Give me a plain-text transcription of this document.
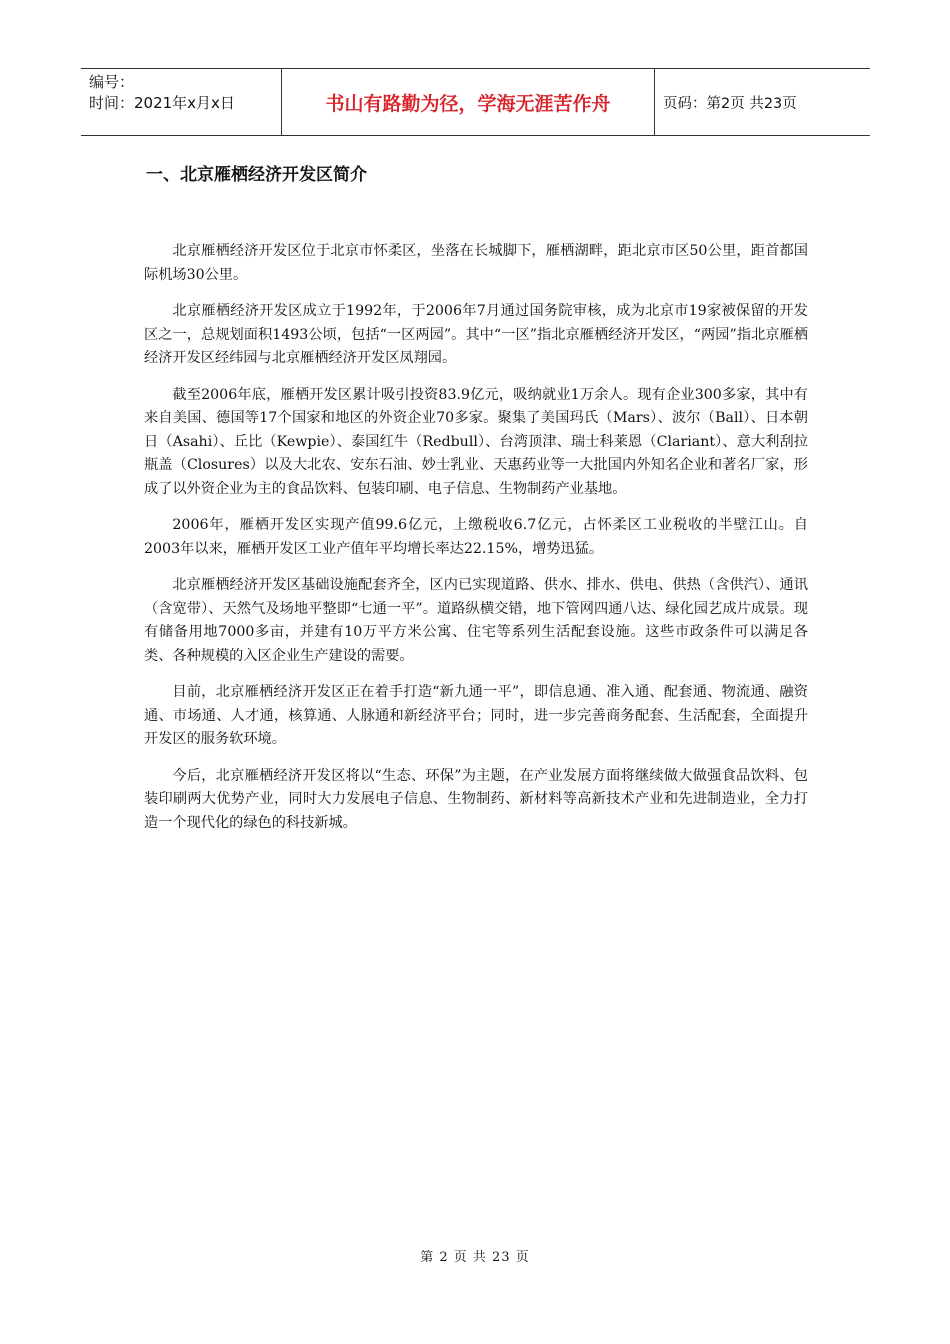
编号：
时间：2021年x月x日	书山有路勤为径，学海无涯苦作舟	页码：第2页 共23页
一、北京雁栖经济开发区简介

北京雁栖经济开发区位于北京市怀柔区，坐落在长城脚下，雁栖湖畔，距北京市区50公里，距首都国际机场30公里。

北京雁栖经济开发区成立于1992年，于2006年7月通过国务院审核，成为北京市19家被保留的开发区之一，总规划面积1493公顷，包括“一区两园”。其中“一区”指北京雁栖经济开发区，“两园”指北京雁栖经济开发区经纬园与北京雁栖经济开发区凤翔园。

截至2006年底，雁栖开发区累计吸引投资83.9亿元，吸纳就业1万余人。现有企业300多家，其中有来自美国、德国等17个国家和地区的外资企业70多家。聚集了美国玛氏（Mars）、波尔（Ball）、日本朝日（Asahi）、丘比（Kewpie）、泰国红牛（Redbull）、台湾顶津、瑞士科莱恩（Clariant）、意大利刮拉瓶盖（Closures）以及大北农、安东石油、妙士乳业、天惠药业等一大批国内外知名企业和著名厂家，形成了以外资企业为主的食品饮料、包装印刷、电子信息、生物制药产业基地。

2006年，雁栖开发区实现产值99.6亿元，上缴税收6.7亿元，占怀柔区工业税收的半壁江山。自2003年以来，雁栖开发区工业产值年平均增长率达22.15%，增势迅猛。

北京雁栖经济开发区基础设施配套齐全，区内已实现道路、供水、排水、供电、供热（含供汽）、通讯（含宽带）、天然气及场地平整即“七通一平”。道路纵横交错，地下管网四通八达、绿化园艺成片成景。现有储备用地7000多亩，并建有10万平方米公寓、住宅等系列生活配套设施。这些市政条件可以满足各类、各种规模的入区企业生产建设的需要。

目前，北京雁栖经济开发区正在着手打造“新九通一平”，即信息通、准入通、配套通、物流通、融资通、市场通、人才通，核算通、人脉通和新经济平台；同时，进一步完善商务配套、生活配套，全面提升开发区的服务软环境。

今后，北京雁栖经济开发区将以“生态、环保”为主题，在产业发展方面将继续做大做强食品饮料、包装印刷两大优势产业，同时大力发展电子信息、生物制药、新材料等高新技术产业和先进制造业，全力打造一个现代化的绿色的科技新城。

第 2 页 共 23 页
